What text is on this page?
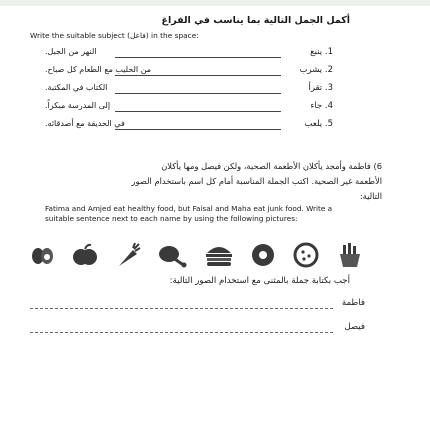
أكمل الجمل التالية بما يناسب في الفراغ
Write the suitable subject (فاعل) in the space:
1. ينبع
النهر من الجبل.
2. يشرب
من الحليب مع الطعام كل صباح.
3. تقرأ
الكتاب في المكتبة.
4. جاء
إلى المدرسة مبكراً.
5. يلعب
في الحديقة مع أصدقائه.
6) فاطمة وأمجد يأكلان الأطعمة الصحية، ولكن فيصل ومها يأكلان
الأطعمة غير الصحية. اكتب الجملة المناسبة أمام كل اسم باستخدام الصور
التالية:
Fatima and Amjed eat healthy food, but Faisal and Maha eat junk food. Write a suitable sentence next to each name by using the following pictures:
أجب بكتابة جملة بالمثنى مع استخدام الصور التالية:
فاطمة
فيصل
